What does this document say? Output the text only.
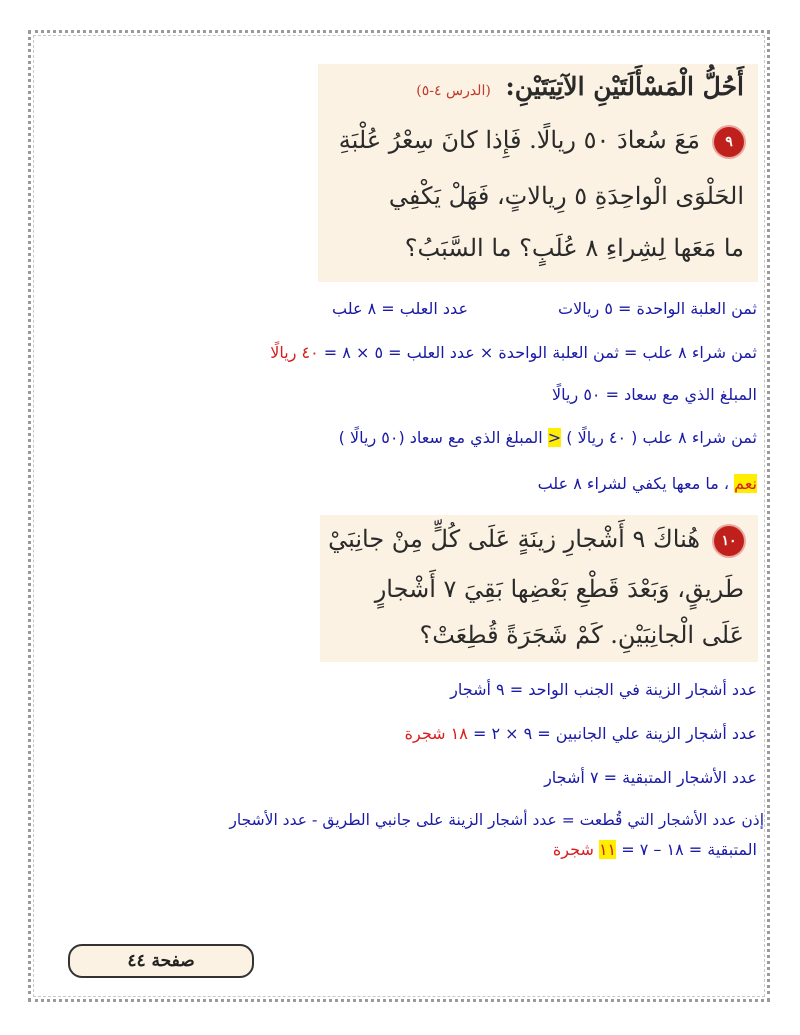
أَحُلُّ الْمَسْأَلَتَيْنِ الآتِيَتَيْنِ: (الدرس ٤-٥)
٩مَعَ سُعادَ ٥٠ ريالًا. فَإِذا كانَ سِعْرُ عُلْبَةِ
الحَلْوَى الْواحِدَةِ ٥ رِيالاتٍ، فَهَلْ يَكْفِي
ما مَعَها لِشِراءِ ٨ عُلَبٍ؟ ما السَّبَبُ؟
ثمن العلبة الواحدة = ٥ ريالاتعدد العلب = ٨ علب
ثمن شراء ٨ علب = ثمن العلبة الواحدة × عدد العلب = ٥ × ٨ = ٤٠ ريالًا
المبلغ الذي مع سعاد = ٥٠ ريالًا
ثمن شراء ٨ علب ( ٤٠ ريالًا ) < المبلغ الذي مع سعاد (٥٠ ريالًا )
نعم ، ما معها يكفي لشراء ٨ علب
١٠هُناكَ ٩ أَشْجارِ زينَةٍ عَلَى كُلٍّ مِنْ جانِبَيْ
طَريقٍ، وَبَعْدَ قَطْعِ بَعْضِها بَقِيَ ٧ أَشْجارٍ
عَلَى الْجانِبَيْنِ. كَمْ شَجَرَةً قُطِعَتْ؟
عدد أشجار الزينة في الجنب الواحد = ٩ أشجار
عدد أشجار الزينة علي الجانبين = ٩ × ٢ = ١٨ شجرة
عدد الأشجار المتبقية = ٧ أشجار
إذن عدد الأشجار التي قُطعت = عدد أشجار الزينة على جانبي الطريق - عدد الأشجار
المتبقية = ١٨ – ٧ = ١١ شجرة
صفحة ٤٤
